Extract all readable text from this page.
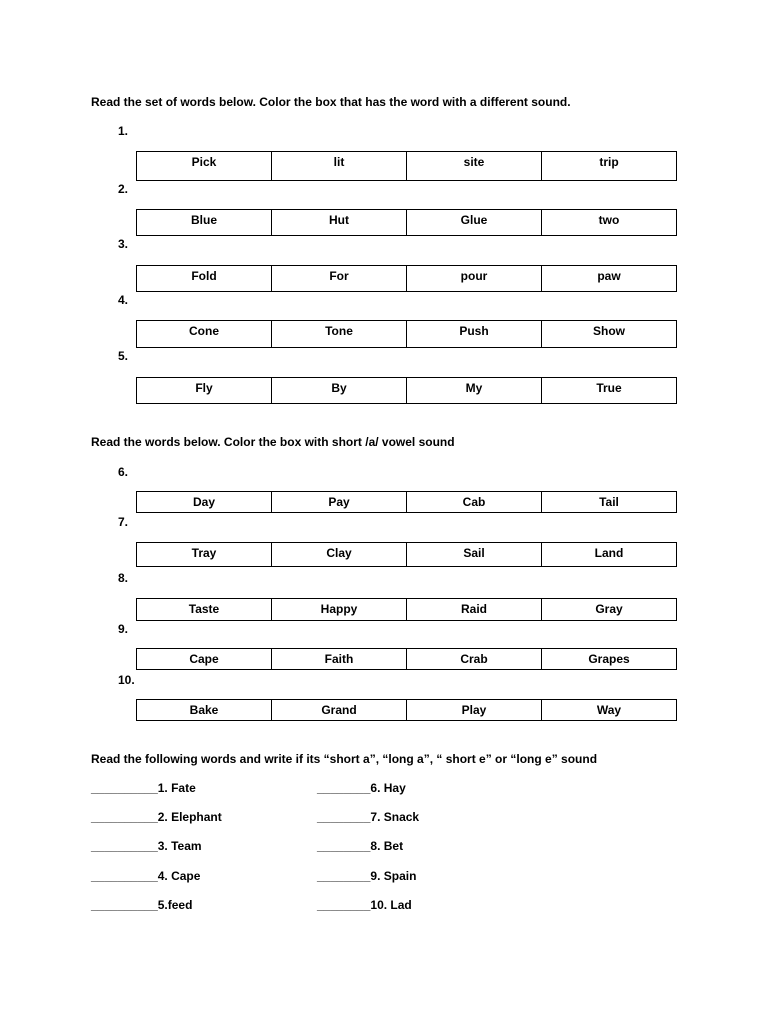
Read the set of words below. Color the box that has the word with a different sound.
1.
Pick	lit	site	trip
2.
Blue	Hut	Glue	two
3.
Fold	For	pour	paw
4.
Cone	Tone	Push	Show
5.
Fly	By	My	True
Read the words below. Color the box with short /a/ vowel sound
6.
Day	Pay	Cab	Tail
7.
Tray	Clay	Sail	Land
8.
Taste	Happy	Raid	Gray
9.
Cape	Faith	Crab	Grapes
10.
Bake	Grand	Play	Way
Read the following words and write if its “short a”, “long a”, “ short e” or “long e” sound
__________1. Fate
__________2. Elephant
__________3. Team
__________4. Cape
__________5.feed
________6. Hay
________7. Snack
________8. Bet
________9. Spain
________10. Lad
